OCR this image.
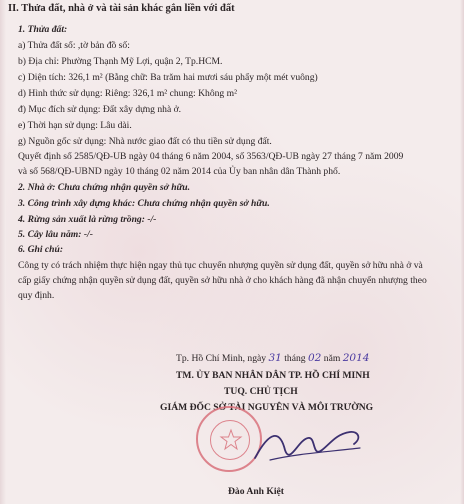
II. Thửa đất, nhà ở và tài sản khác gắn liền với đất
1. Thửa đất:
a) Thửa đất số: ,tờ bản đồ số:
b) Địa chỉ: Phường Thạnh Mỹ Lợi, quận 2, Tp.HCM.
c) Diện tích: 326,1 m² (Bằng chữ: Ba trăm hai mươi sáu phẩy một mét vuông)
d) Hình thức sử dụng: Riêng: 326,1 m² chung: Không m²
đ) Mục đích sử dụng: Đất xây dựng nhà ở.
e) Thời hạn sử dụng: Lâu dài.
g) Nguồn gốc sử dụng: Nhà nước giao đất có thu tiền sử dụng đất.
Quyết định số 2585/QĐ-UB ngày 04 tháng 6 năm 2004, số 3563/QĐ-UB ngày 27 tháng 7 năm 2009
và số 568/QĐ-UBND ngày 10 tháng 02 năm 2014 của Ủy ban nhân dân Thành phố.
2. Nhà ở: Chưa chứng nhận quyền sở hữu.
3. Công trình xây dựng khác: Chưa chứng nhận quyền sở hữu.
4. Rừng sản xuất là rừng trồng: -/-
5. Cây lâu năm: -/-
6. Ghi chú:
Công ty có trách nhiệm thực hiện ngay thủ tục chuyển nhượng quyền sử dụng đất, quyền sở hữu nhà ở và cấp giấy chứng nhận quyền sử dụng đất, quyền sở hữu nhà ở cho khách hàng đã nhận chuyển nhượng theo quy định.
Tp. Hồ Chí Minh, ngày 31 tháng 02 năm 2014
TM. ỦY BAN NHÂN DÂN TP. HỒ CHÍ MINH
TUQ. CHỦ TỊCH
GIÁM ĐỐC SỞ TÀI NGUYÊN VÀ MÔI TRƯỜNG
Đào Anh Kiệt
